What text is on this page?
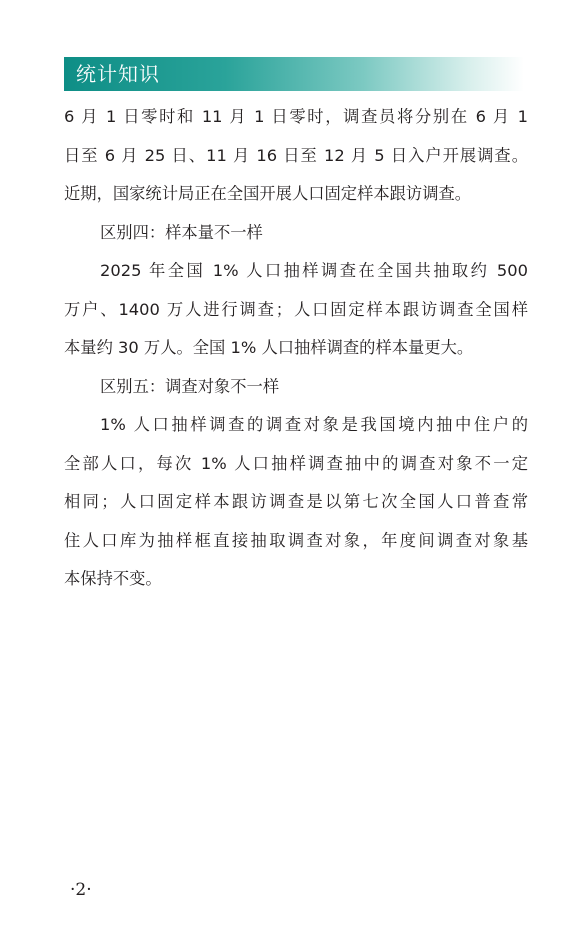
统计知识
6 月 1 日零时和 11 月 1 日零时，调查员将分别在 6 月 1
日至 6 月 25 日、11 月 16 日至 12 月 5 日入户开展调查。
近期，国家统计局正在全国开展人口固定样本跟访调查。
区别四：样本量不一样
2025 年全国 1% 人口抽样调查在全国共抽取约 500
万户、1400 万人进行调查；人口固定样本跟访调查全国样
本量约 30 万人。全国 1% 人口抽样调查的样本量更大。
区别五：调查对象不一样
1% 人口抽样调查的调查对象是我国境内抽中住户的
全部人口，每次 1% 人口抽样调查抽中的调查对象不一定
相同；人口固定样本跟访调查是以第七次全国人口普查常
住人口库为抽样框直接抽取调查对象，年度间调查对象基
本保持不变。
·2·
